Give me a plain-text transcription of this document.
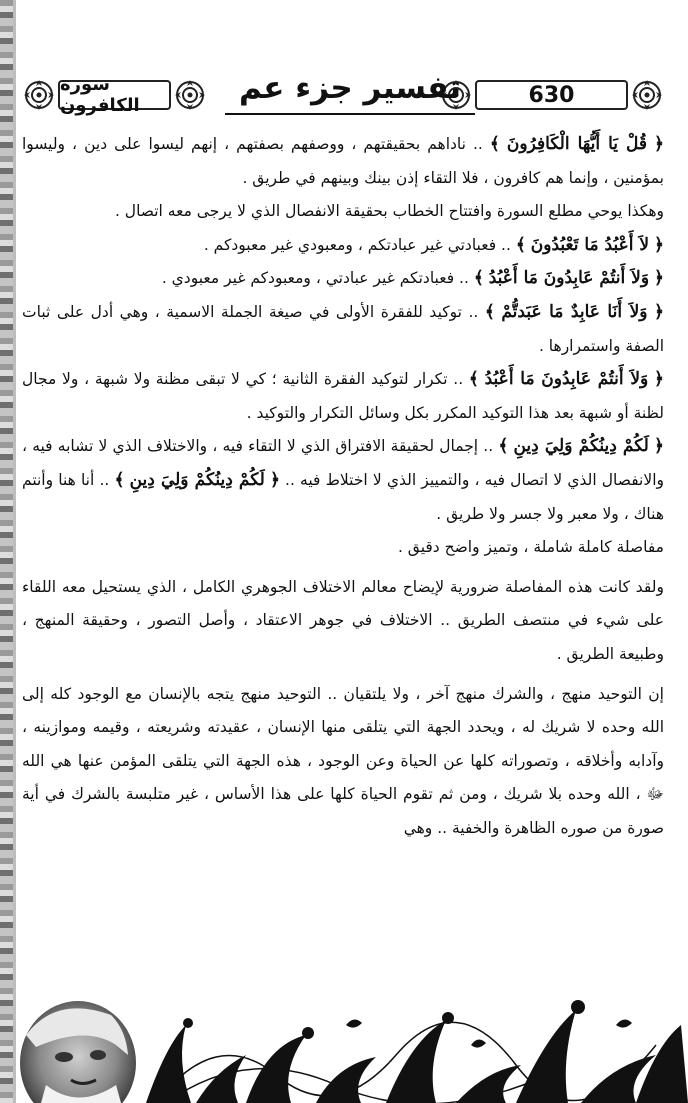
630
تفسير جزء عم
سورة الكافرون

﴿ قُلْ يَا أَيُّهَا الْكَافِرُونَ ﴾ .. ناداهم بحقيقتهم ، ووصفهم بصفتهم ، إنهم ليسوا على دين ، وليسوا بمؤمنين ، وإنما هم كافرون ، فلا التقاء إذن بينك وبينهم في طريق .

وهكذا يوحي مطلع السورة وافتتاح الخطاب بحقيقة الانفصال الذي لا يرجى معه اتصال .

﴿ لاَ أَعْبُدُ مَا تَعْبُدُونَ ﴾ .. فعبادتي غير عبادتكم ، ومعبودي غير معبودكم .

﴿ وَلاَ أَنتُمْ عَابِدُونَ مَا أَعْبُدُ ﴾ .. فعبادتكم غير عبادتي ، ومعبودكم غير معبودي .

﴿ وَلاَ أَنَا عَابِدٌ مَا عَبَدتُّمْ ﴾ .. توكيد للفقرة الأولى في صيغة الجملة الاسمية ، وهي أدل على ثبات الصفة واستمرارها .

﴿ وَلاَ أَنتُمْ عَابِدُونَ مَا أَعْبُدُ ﴾ .. تكرار لتوكيد الفقرة الثانية ؛ كي لا تبقى مظنة ولا شبهة ، ولا مجال لظنة أو شبهة بعد هذا التوكيد المكرر بكل وسائل التكرار والتوكيد .

﴿ لَكُمْ دِينُكُمْ وَلِيَ دِينِ ﴾ .. إجمال لحقيقة الافتراق الذي لا التقاء فيه ، والاختلاف الذي لا تشابه فيه ، والانفصال الذي لا اتصال فيه ، والتمييز الذي لا اختلاط فيه .. ﴿ لَكُمْ دِينُكُمْ وَلِيَ دِينِ ﴾ .. أنا هنا وأنتم هناك ، ولا معبر ولا جسر ولا طريق .

مفاصلة كاملة شاملة ، وتميز واضح دقيق .

ولقد كانت هذه المفاصلة ضرورية لإيضاح معالم الاختلاف الجوهري الكامل ، الذي يستحيل معه اللقاء على شيء في منتصف الطريق .. الاختلاف في جوهر الاعتقاد ، وأصل التصور ، وحقيقة المنهج ، وطبيعة الطريق .

إن التوحيد منهج ، والشرك منهج آخر ، ولا يلتقيان .. التوحيد منهج يتجه بالإنسان مع الوجود كله إلى الله وحده لا شريك له ، ويحدد الجهة التي يتلقى منها الإنسان ، عقيدته وشريعته ، وقيمه وموازينه ، وآدابه وأخلاقه ، وتصوراته كلها عن الحياة وعن الوجود ، هذه الجهة التي يتلقى المؤمن عنها هي الله ﷻ ، الله وحده بلا شريك ، ومن ثم تقوم الحياة كلها على هذا الأساس ، غير متلبسة بالشرك في أية صورة من صوره الظاهرة والخفية .. وهي
